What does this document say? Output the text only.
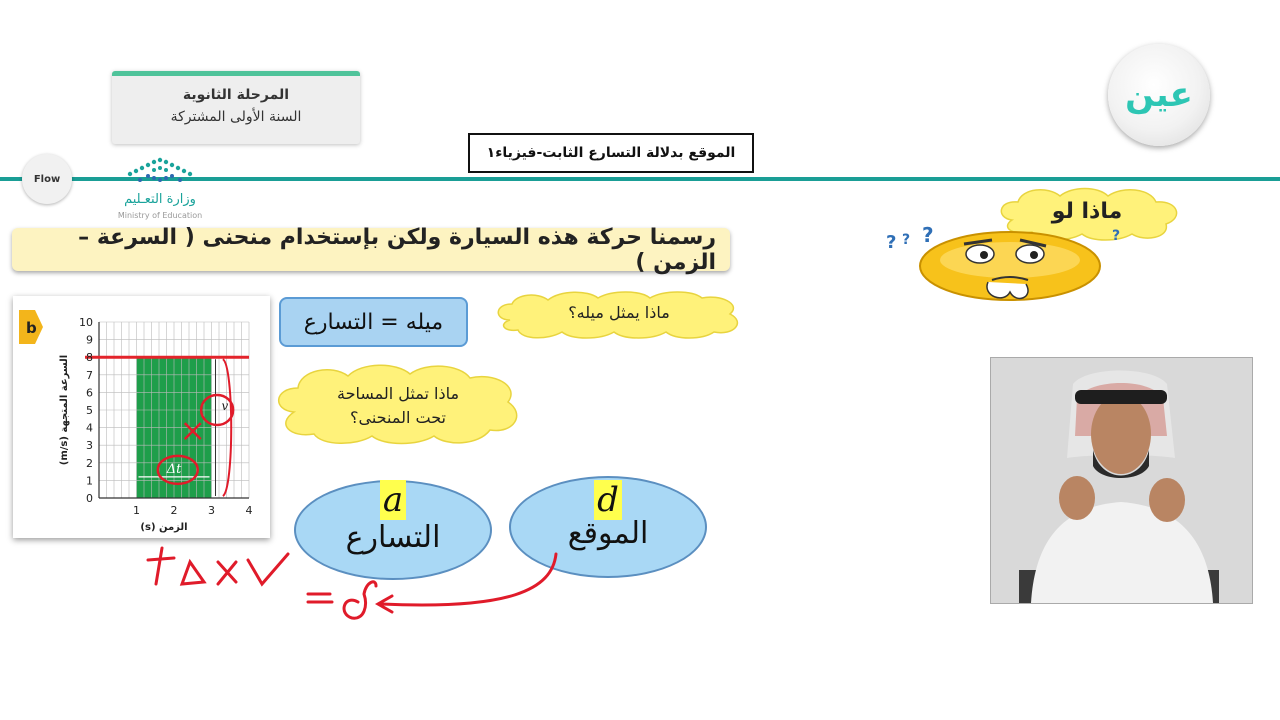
المرحلة الثانوية
السنة الأولى المشتركة
الموقع بدلالة التسارع الثابت-فيزياء١
Flow
وزارة التعـليم
Ministry of Education
عين
رسمنا حركة هذه السيارة ولكن بإستخدام منحنى ( السرعة – الزمن )
b
0
1
2
3
4
5
6
7
8
9
10
1	2	3	4
الزمن (s)
السرعة المتجهة (m/s)
Δt
v
ميله = التسارع	ماذا يمثل ميله؟
ماذا تمثل المساحة
تحت المنحنى؟
ماذا لو
? ? ?	?
a
التسارع
d
الموقع
